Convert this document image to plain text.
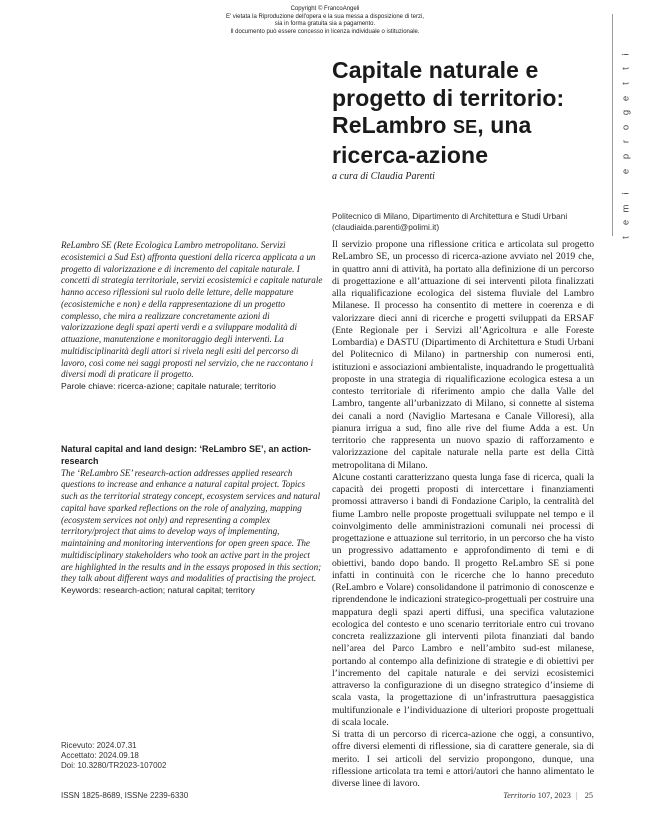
Copyright © FrancoAngeli
E' vietata la Riproduzione dell'opera e la sua messa a disposizione di terzi,
sia in forma gratuita sia a pagamento.
Il documento può essere concesso in licenza individuale o istituzionale.
t
e
m
i
e
p
r
o
g
e
t
t
i
Capitale naturale e progetto di territorio: ReLambro SE, una ricerca-azione
a cura di Claudia Parenti
Politecnico di Milano, Dipartimento di Architettura e Studi Urbani
(claudiaida.parenti@polimi.it)
ReLambro SE (Rete Ecologica Lambro metropolitano. Servizi ecosistemici a Sud Est) affronta questioni della ricerca applicata a un progetto di valorizzazione e di incremento del capitale naturale. I concetti di strategia territoriale, servizi ecosistemici e capitale naturale hanno acceso riflessioni sul ruolo delle letture, delle mappature (ecosistemiche e non) e della rappresentazione di un progetto complesso, che mira a realizzare concretamente azioni di valorizzazione degli spazi aperti verdi e a sviluppare modalità di attuazione, manutenzione e monitoraggio degli interventi. La multidisciplinarità degli attori si rivela negli esiti del percorso di lavoro, così come nei saggi proposti nel servizio, che ne raccontano i diversi modi di praticare il progetto.
Parole chiave: ricerca-azione; capitale naturale; territorio
Natural capital and land design: ‘ReLambro SE’, an action-research
The ‘ReLambro SE’ research-action addresses applied research questions to increase and enhance a natural capital project. Topics such as the territorial strategy concept, ecosystem services and natural capital have sparked reflections on the role of analyzing, mapping (ecosystem services not only) and representing a complex territory/project that aims to develop ways of implementing, maintaining and monitoring interventions for open green space. The multidisciplinary stakeholders who took an active part in the project are highlighted in the results and in the essays proposed in this section; they talk about different ways and modalities of practising the project.
Keywords: research-action; natural capital; territory
Ricevuto: 2024.07.31
Accettato: 2024.09.18
Doi: 10.3280/TR2023-107002

Il servizio propone una riflessione critica e articolata sul progetto ReLambro SE, un processo di ricerca-azione avviato nel 2019 che, in quattro anni di attività, ha portato alla definizione di un percorso di progettazione e all’attuazione di sei interventi pilota finalizzati alla riqualificazione ecologica del sistema fluviale del Lambro Milanese. Il processo ha consentito di mettere in coerenza e di valorizzare dieci anni di ricerche e progetti sviluppati da ERSAF (Ente Regionale per i Servizi all’Agricoltura e alle Foreste Lombardia) e DASTU (Dipartimento di Architettura e Studi Urbani del Politecnico di Milano) in partnership con numerosi enti, istituzioni e associazioni ambientaliste, inquadrando le progettualità proposte in una strategia di riqualificazione ecologica estesa a un contesto territoriale di riferimento ampio che dalla Valle del Lambro, tangente all’urbanizzato di Milano, si connette al sistema dei canali a nord (Naviglio Martesana e Canale Villoresi), alla pianura irrigua a sud, fino alle rive del fiume Adda a est. Un territorio che rappresenta un nuovo spazio di rafforzamento e valorizzazione del capitale naturale nella parte est della Città metropolitana di Milano.

Alcune costanti caratterizzano questa lunga fase di ricerca, quali la capacità dei progetti proposti di intercettare i finanziamenti promossi attraverso i bandi di Fondazione Cariplo, la centralità del fiume Lambro nelle proposte progettuali sviluppate nel tempo e il coinvolgimento delle amministrazioni comunali nei processi di progettazione e attuazione sul territorio, in un percorso che ha visto un progressivo adattamento e approfondimento di temi e di obiettivi, bando dopo bando. Il progetto ReLambro SE si pone infatti in continuità con le ricerche che lo hanno preceduto (ReLambro e Volare) consolidandone il patrimonio di conoscenze e riprendendone le indicazioni strategico-progettuali per costruire una mappatura degli spazi aperti diffusi, una specifica valutazione ecologica del contesto e uno scenario territoriale entro cui trovano concreta realizzazione gli interventi pilota finanziati dal bando nell’area del Parco Lambro e nell’ambito sud-est milanese, portando al contempo alla definizione di strategie e di obiettivi per l’incremento del capitale naturale e dei servizi ecosistemici attraverso la configurazione di un disegno strategico d’insieme di scala vasta, la progettazione di un’infrastruttura paesaggistica multifunzionale e l’individuazione di ulteriori proposte progettuali di scala locale.

Si tratta di un percorso di ricerca-azione che oggi, a consuntivo, offre diversi elementi di riflessione, sia di carattere generale, sia di merito. I sei articoli del servizio propongono, dunque, una riflessione articolata tra temi e attori/autori che hanno alimentato le diverse linee di lavoro.

ISSN 1825-8689, ISSNe 2239-6330	Territorio 107, 2023 | 25
